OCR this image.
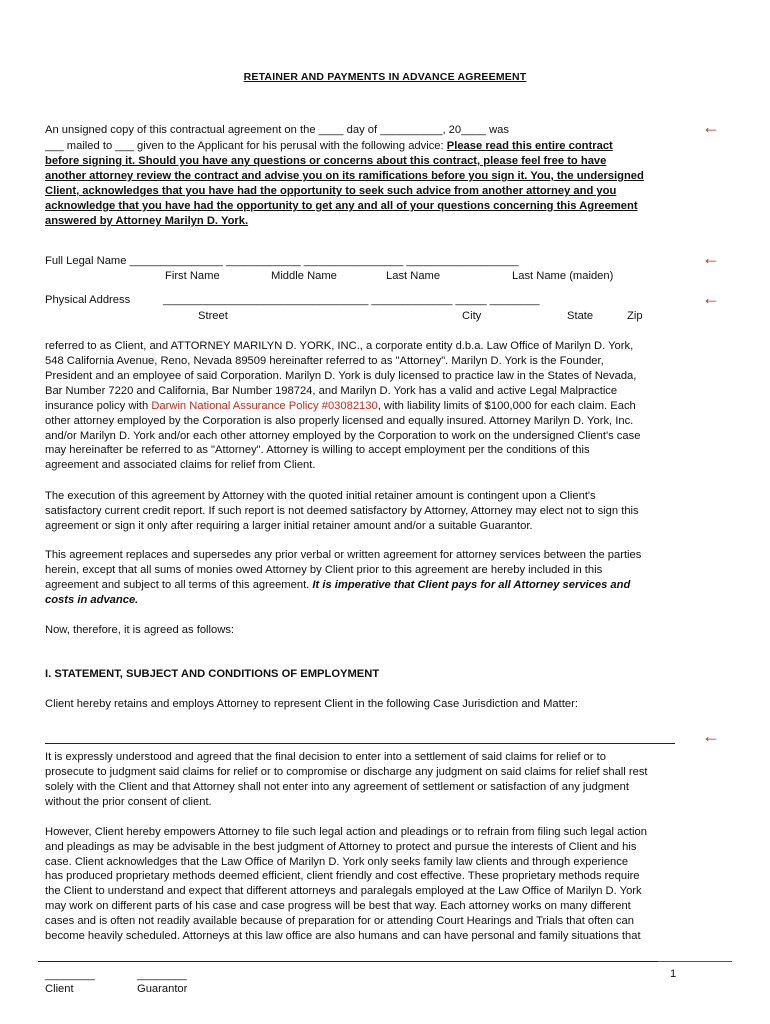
RETAINER AND PAYMENTS IN ADVANCE AGREEMENT
An unsigned copy of this contractual agreement on the ____ day of __________, 20____ was
___ mailed to ___ given to the Applicant for his perusal with the following advice: Please read this entire contract
before signing it. Should you have any questions or concerns about this contract, please feel free to have
another attorney review the contract and advise you on its ramifications before you sign it. You, the undersigned
Client, acknowledges that you have had the opportunity to seek such advice from another attorney and you
acknowledge that you have had the opportunity to get any and all of your questions concerning this Agreement
answered by Attorney Marilyn D. York.
←
Full Legal Name _______________ ____________ ________________ __________________
First Name	Middle Name	Last Name	Last Name (maiden)
←
Physical Address	_________________________________ _____________ _____ ________
Street	City	State	Zip
←
referred to as Client, and ATTORNEY MARILYN D. YORK, INC., a corporate entity d.b.a. Law Office of Marilyn D. York,
548 California Avenue, Reno, Nevada 89509 hereinafter referred to as "Attorney". Marilyn D. York is the Founder,
President and an employee of said Corporation. Marilyn D. York is duly licensed to practice law in the States of Nevada,
Bar Number 7220 and California, Bar Number 198724, and Marilyn D. York has a valid and active Legal Malpractice
insurance policy with Darwin National Assurance Policy #03082130, with liability limits of $100,000 for each claim. Each
other attorney employed by the Corporation is also properly licensed and equally insured. Attorney Marilyn D. York, Inc.
and/or Marilyn D. York and/or each other attorney employed by the Corporation to work on the undersigned Client's case
may hereinafter be referred to as "Attorney". Attorney is willing to accept employment per the conditions of this
agreement and associated claims for relief from Client.
The execution of this agreement by Attorney with the quoted initial retainer amount is contingent upon a Client's
satisfactory current credit report. If such report is not deemed satisfactory by Attorney, Attorney may elect not to sign this
agreement or sign it only after requiring a larger initial retainer amount and/or a suitable Guarantor.
This agreement replaces and supersedes any prior verbal or written agreement for attorney services between the parties
herein, except that all sums of monies owed Attorney by Client prior to this agreement are hereby included in this
agreement and subject to all terms of this agreement. It is imperative that Client pays for all Attorney services and
costs in advance.
Now, therefore, it is agreed as follows:
I. STATEMENT, SUBJECT AND CONDITIONS OF EMPLOYMENT
Client hereby retains and employs Attorney to represent Client in the following Case Jurisdiction and Matter:
←
It is expressly understood and agreed that the final decision to enter into a settlement of said claims for relief or to
prosecute to judgment said claims for relief or to compromise or discharge any judgment on said claims for relief shall rest
solely with the Client and that Attorney shall not enter into any agreement of settlement or satisfaction of any judgment
without the prior consent of client.
However, Client hereby empowers Attorney to file such legal action and pleadings or to refrain from filing such legal action
and pleadings as may be advisable in the best judgment of Attorney to protect and pursue the interests of Client and his
case. Client acknowledges that the Law Office of Marilyn D. York only seeks family law clients and through experience
has produced proprietary methods deemed efficient, client friendly and cost effective. These proprietary methods require
the Client to understand and expect that different attorneys and paralegals employed at the Law Office of Marilyn D. York
may work on different parts of his case and case progress will be best that way. Each attorney works on many different
cases and is often not readily available because of preparation for or attending Court Hearings and Trials that often can
become heavily scheduled. Attorneys at this law office are also humans and can have personal and family situations that
1
________	________
Client	Guarantor
